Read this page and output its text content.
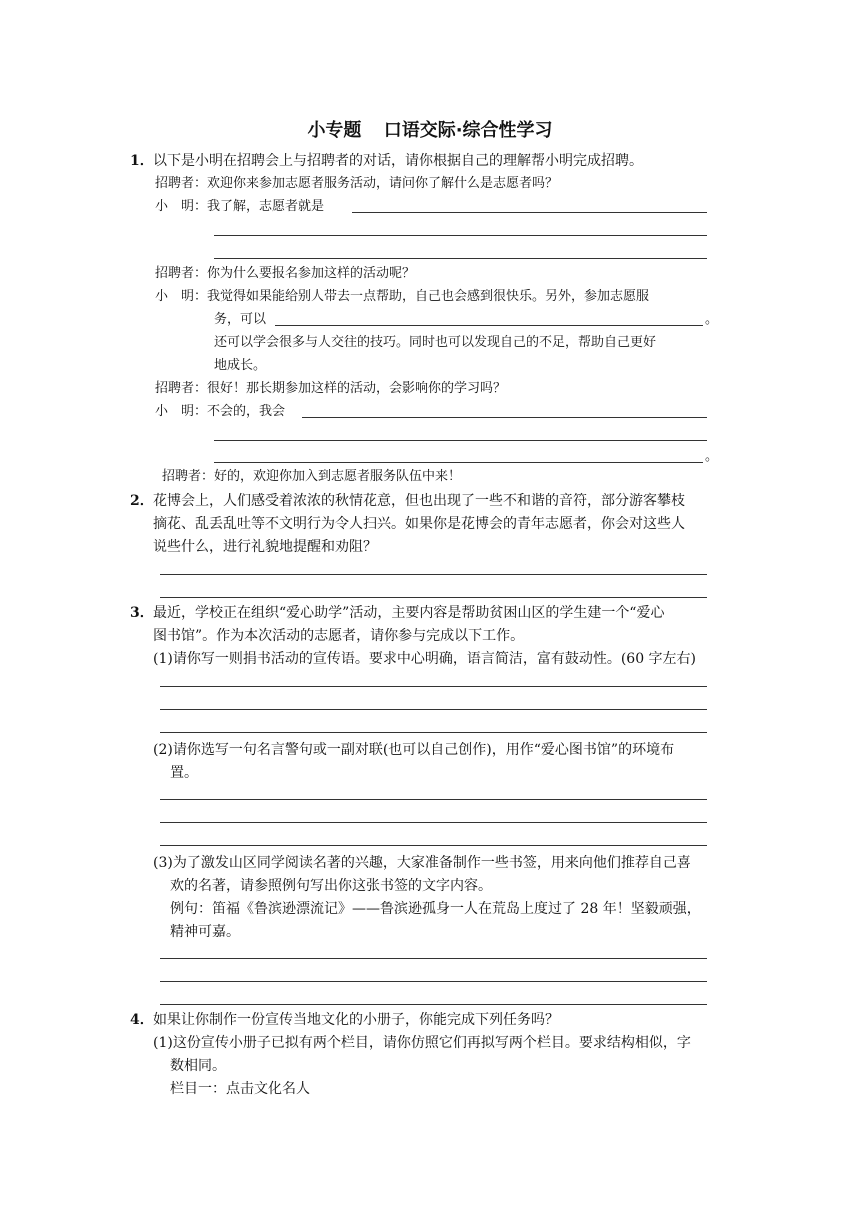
小专题 口语交际·综合性学习
1． 以下是小明在招聘会上与招聘者的对话，请你根据自己的理解帮小明完成招聘。
招聘者：欢迎你来参加志愿者服务活动，请问你了解什么是志愿者吗？
小　明：我了解，志愿者就是
招聘者：你为什么要报名参加这样的活动呢？
小　明：我觉得如果能给别人带去一点帮助，自己也会感到很快乐。另外，参加志愿服
务，可以	。
还可以学会很多与人交往的技巧。同时也可以发现自己的不足，帮助自己更好
地成长。
招聘者：很好！那长期参加这样的活动，会影响你的学习吗？
小　明：不会的，我会
。
招聘者：好的，欢迎你加入到志愿者服务队伍中来！
2． 花博会上，人们感受着浓浓的秋情花意，但也出现了一些不和谐的音符，部分游客攀枝
摘花、乱丢乱吐等不文明行为令人扫兴。如果你是花博会的青年志愿者，你会对这些人
说些什么，进行礼貌地提醒和劝阻？
3． 最近，学校正在组织“爱心助学”活动，主要内容是帮助贫困山区的学生建一个“爱心
图书馆”。作为本次活动的志愿者，请你参与完成以下工作。
(1)请你写一则捐书活动的宣传语。要求中心明确，语言简洁，富有鼓动性。(60 字左右)
(2)请你选写一句名言警句或一副对联(也可以自己创作)，用作“爱心图书馆”的环境布
置。
(3)为了激发山区同学阅读名著的兴趣，大家准备制作一些书签，用来向他们推荐自己喜
欢的名著，请参照例句写出你这张书签的文字内容。
例句：笛福《鲁滨逊漂流记》——鲁滨逊孤身一人在荒岛上度过了 28 年！坚毅顽强，
精神可嘉。
4． 如果让你制作一份宣传当地文化的小册子，你能完成下列任务吗？
(1)这份宣传小册子已拟有两个栏目，请你仿照它们再拟写两个栏目。要求结构相似，字
数相同。
栏目一：点击文化名人
